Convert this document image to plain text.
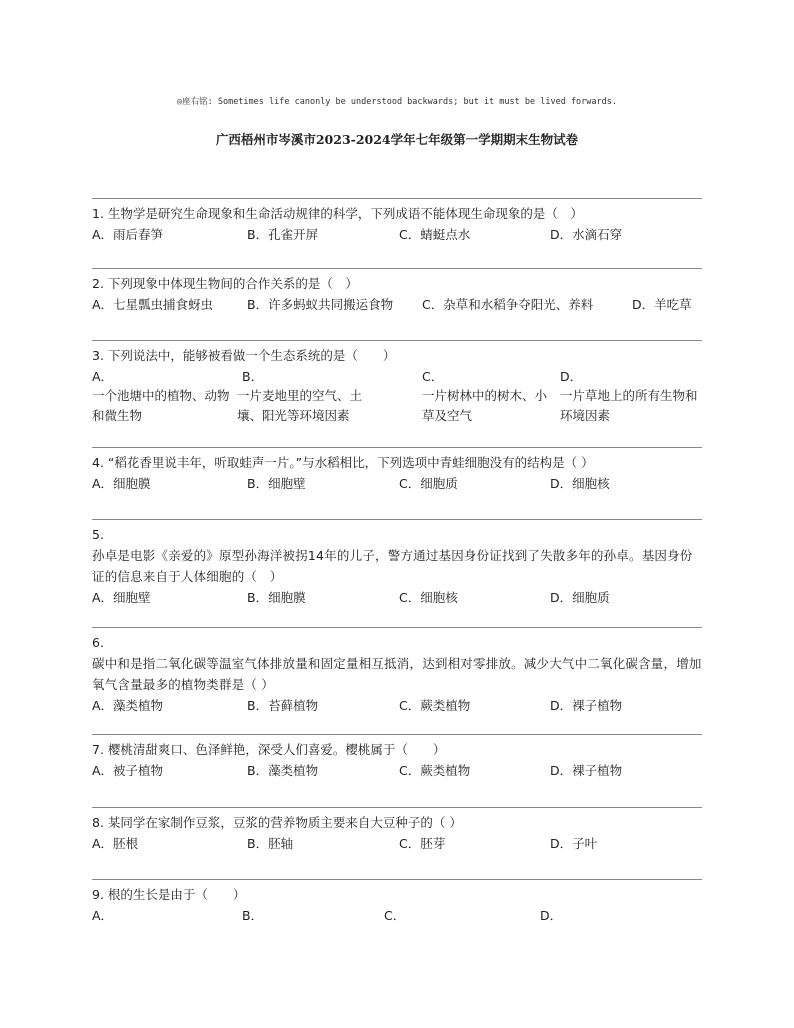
◎座右铭: Sometimes life canonly be understood backwards; but it must be lived forwards.
广西梧州市岑溪市2023-2024学年七年级第一学期期末生物试卷
1. 生物学是研究生命现象和生命活动规律的科学，下列成语不能体现生命现象的是（　）
A．雨后春笋	B．孔雀开屏	C．蜻蜓点水	D．水滴石穿
2. 下列现象中体现生物间的合作关系的是（　）
A．七星瓢虫捕食蚜虫	B．许多蚂蚁共同搬运食物 C．杂草和水稻争夺阳光、养料	D．羊吃草
3. 下列说法中，能够被看做一个生态系统的是（　　）
A．	B．	C．	D．
一个池塘中的植物、动物和微生物
一片麦地里的空气、土壤、阳光等环境因素
一片树林中的树木、小草及空气
一片草地上的所有生物和环境因素
4. “稻花香里说丰年，听取蛙声一片。”与水稻相比，下列选项中青蛙细胞没有的结构是（ ）
A．细胞膜	B．细胞壁	C．细胞质	D．细胞核
5.
孙卓是电影《亲爱的》原型孙海洋被拐14年的儿子，警方通过基因身份证找到了失散多年的孙卓。基因身份证的信息来自于人体细胞的（　）
A．细胞壁	B．细胞膜	C．细胞核	D．细胞质
6.
碳中和是指二氧化碳等温室气体排放量和固定量相互抵消，达到相对零排放。减少大气中二氧化碳含量，增加氧气含量最多的植物类群是（ ）
A．藻类植物	B．苔藓植物	C．蕨类植物	D．裸子植物
7. 樱桃清甜爽口、色泽鲜艳，深受人们喜爱。樱桃属于（　　）
A．被子植物	B．藻类植物	C．蕨类植物	D．裸子植物
8. 某同学在家制作豆浆，豆浆的营养物质主要来自大豆种子的（ ）
A．胚根	B．胚轴	C．胚芽	D．子叶
9. 根的生长是由于（　　）
A．	B．	C．	D．
